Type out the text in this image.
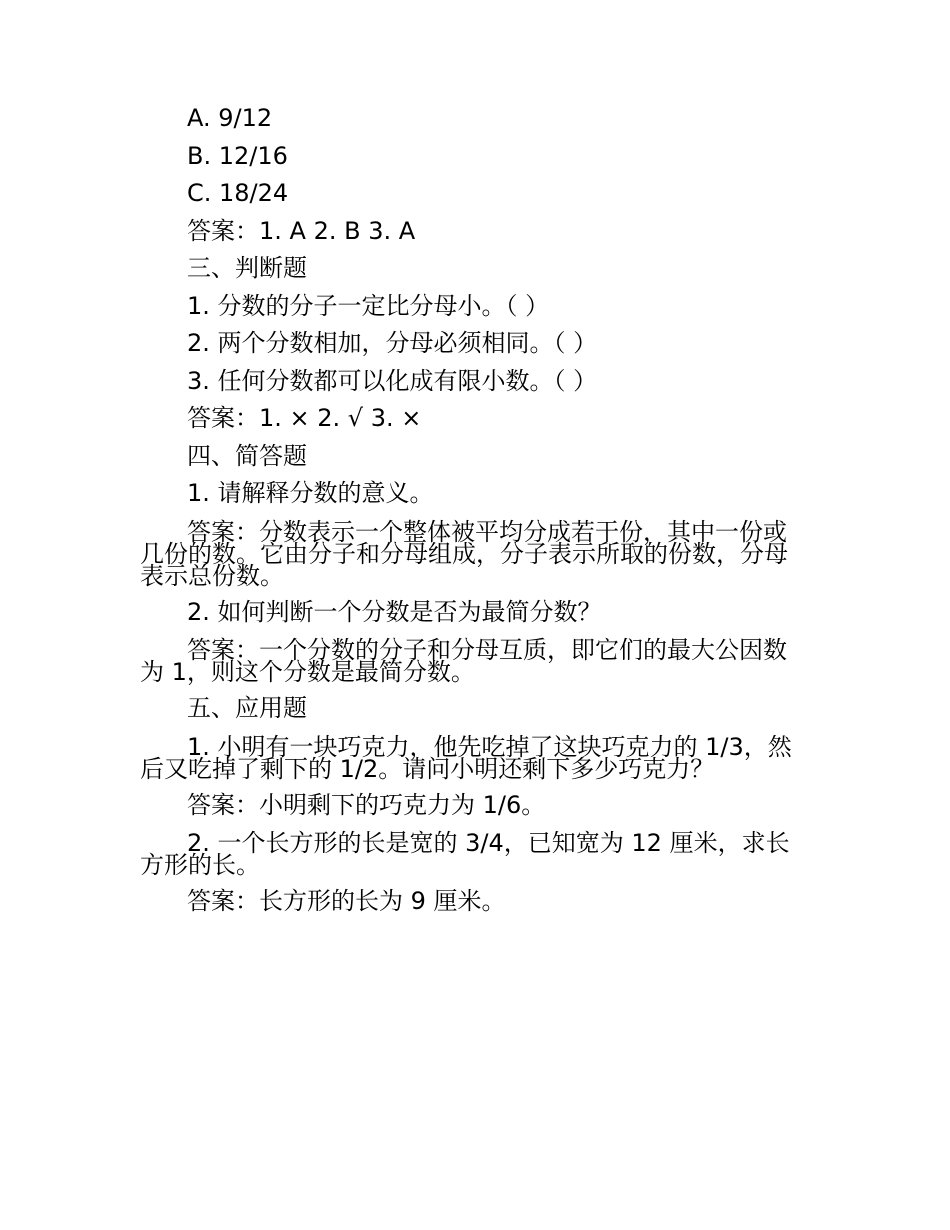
A. 9/12

B. 12/16

C. 18/24

答案：1. A 2. B 3. A

三、判断题

1. 分数的分子一定比分母小。（ ）

2. 两个分数相加，分母必须相同。（ ）

3. 任何分数都可以化成有限小数。（ ）

答案：1. × 2. √ 3. ×

四、简答题

1. 请解释分数的意义。

答案：分数表示一个整体被平均分成若干份，其中一份或几份的数。它由分子和分母组成，分子表示所取的份数，分母表示总份数。

2. 如何判断一个分数是否为最简分数？

答案：一个分数的分子和分母互质，即它们的最大公因数为 1，则这个分数是最简分数。

五、应用题

1. 小明有一块巧克力，他先吃掉了这块巧克力的 1/3，然后又吃掉了剩下的 1/2。请问小明还剩下多少巧克力？

答案：小明剩下的巧克力为 1/6。

2. 一个长方形的长是宽的 3/4，已知宽为 12 厘米，求长方形的长。

答案：长方形的长为 9 厘米。
